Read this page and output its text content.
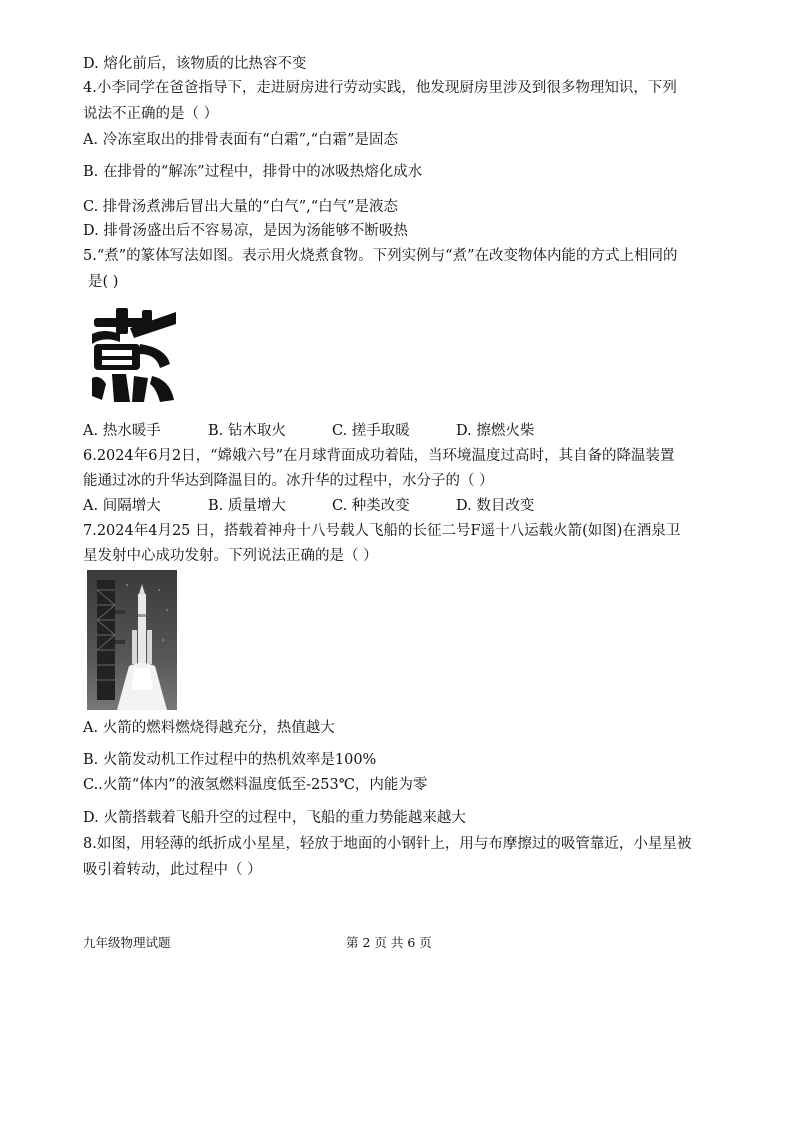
D. 熔化前后，该物质的比热容不变
4.小李同学在爸爸指导下，走进厨房进行劳动实践，他发现厨房里涉及到很多物理知识，下列
说法不正确的是（ ）
A. 冷冻室取出的排骨表面有“白霜”,“白霜”是固态
B. 在排骨的“解冻”过程中，排骨中的冰吸热熔化成水
C. 排骨汤煮沸后冒出大量的“白气”,“白气”是液态
D. 排骨汤盛出后不容易凉，是因为汤能够不断吸热
5.“煮”的篆体写法如图。表示用火烧煮食物。下列实例与“煮”在改变物体内能的方式上相同的
是( )
A. 热水暖手	B. 钻木取火	C. 搓手取暖	D. 擦燃火柴
6.2024年6月2日，“嫦娥六号”在月球背面成功着陆，当环境温度过高时，其自备的降温装置
能通过冰的升华达到降温目的。冰升华的过程中，水分子的（ ）
A. 间隔增大	B. 质量增大	C. 种类改变	D. 数目改变
7.2024年4月25 日，搭载着神舟十八号载人飞船的长征二号F遥十八运载火箭(如图)在酒泉卫
星发射中心成功发射。下列说法正确的是（ ）
A. 火箭的燃料燃烧得越充分，热值越大
B. 火箭发动机工作过程中的热机效率是100%
C..火箭“体内”的液氢燃料温度低至-253℃，内能为零
D. 火箭搭载着飞船升空的过程中，飞船的重力势能越来越大
8.如图，用轻薄的纸折成小星星，轻放于地面的小钢针上，用与布摩擦过的吸管靠近，小星星被
吸引着转动，此过程中（ ）
九年级物理试题	第 2 页 共 6 页
